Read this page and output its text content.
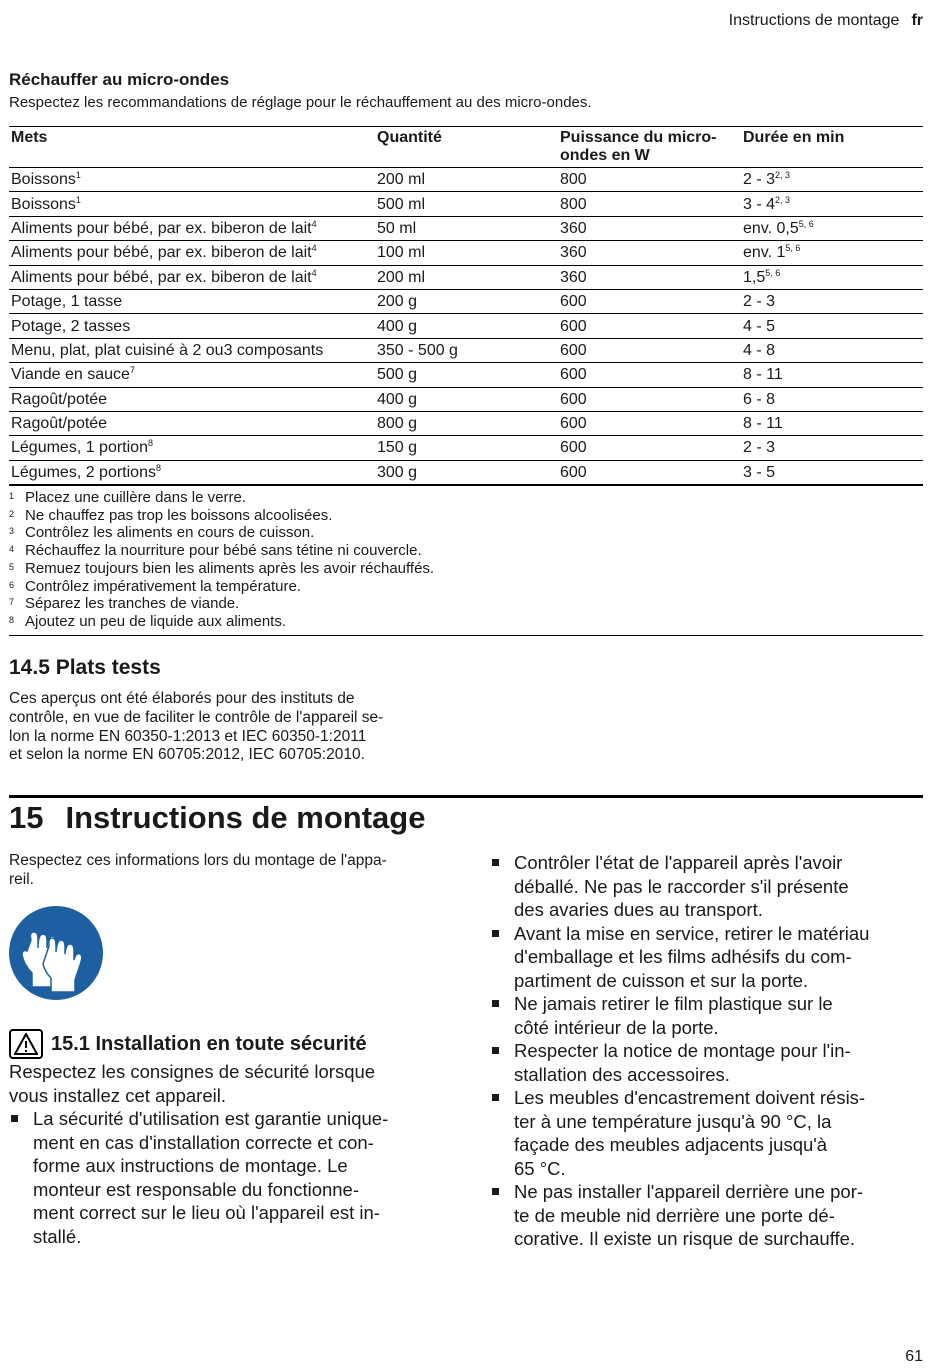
Instructions de montage fr
Réchauffer au micro-ondes
Respectez les recommandations de réglage pour le réchauffement au des micro-ondes.
Mets	Quantité	Puissance du micro-ondes en W	Durée en min
Boissons$^1$	200 ml	800	2 - 3$^{2, 3}$
Boissons$^1$	500 ml	800	3 - 4$^{2, 3}$
Aliments pour bébé, par ex. biberon de lait$^4$	50 ml	360	env. 0,5$^{5, 6}$
Aliments pour bébé, par ex. biberon de lait$^4$	100 ml	360	env. 1$^{5, 6}$
Aliments pour bébé, par ex. biberon de lait$^4$	200 ml	360	1,5$^{5, 6}$
Potage, 1 tasse	200 g	600	2 - 3
Potage, 2 tasses	400 g	600	4 - 5
Menu, plat, plat cuisiné à 2 ou3 composants	350 - 500 g	600	4 - 8
Viande en sauce$^7$	500 g	600	8 - 11
Ragoût/potée	400 g	600	6 - 8
Ragoût/potée	800 g	600	8 - 11
Légumes, 1 portion$^8$	150 g	600	2 - 3
Légumes, 2 portions$^8$	300 g	600	3 - 5
1 Placez une cuillère dans le verre.
2 Ne chauffez pas trop les boissons alcoolisées.
3 Contrôlez les aliments en cours de cuisson.
4 Réchauffez la nourriture pour bébé sans tétine ni couvercle.
5 Remuez toujours bien les aliments après les avoir réchauffés.
6 Contrôlez impérativement la température.
7 Séparez les tranches de viande.
8 Ajoutez un peu de liquide aux aliments.
14.5 Plats tests
Ces aperçus ont été élaborés pour des instituts de
contrôle, en vue de faciliter le contrôle de l'appareil se-
lon la norme EN 60350-1:2013 et IEC 60350-1:2011
et selon la norme EN 60705:2012, IEC 60705:2010.
15 Instructions de montage
Respectez ces informations lors du montage de l'appa-
reil.
15.1 Installation en toute sécurité
Respectez les consignes de sécurité lorsque
vous installez cet appareil.
La sécurité d'utilisation est garantie unique-
ment en cas d'installation correcte et con-
forme aux instructions de montage. Le
monteur est responsable du fonctionne-
ment correct sur le lieu où l'appareil est in-
stallé.
Contrôler l'état de l'appareil après l'avoir
déballé. Ne pas le raccorder s'il présente
des avaries dues au transport.
Avant la mise en service, retirer le matériau
d'emballage et les films adhésifs du com-
partiment de cuisson et sur la porte.
Ne jamais retirer le film plastique sur le
côté intérieur de la porte.
Respecter la notice de montage pour l'in-
stallation des accessoires.
Les meubles d'encastrement doivent résis-
ter à une température jusqu'à 90 °C, la
façade des meubles adjacents jusqu'à
65 °C.
Ne pas installer l'appareil derrière une por-
te de meuble nid derrière une porte dé-
corative. Il existe un risque de surchauffe.
61
